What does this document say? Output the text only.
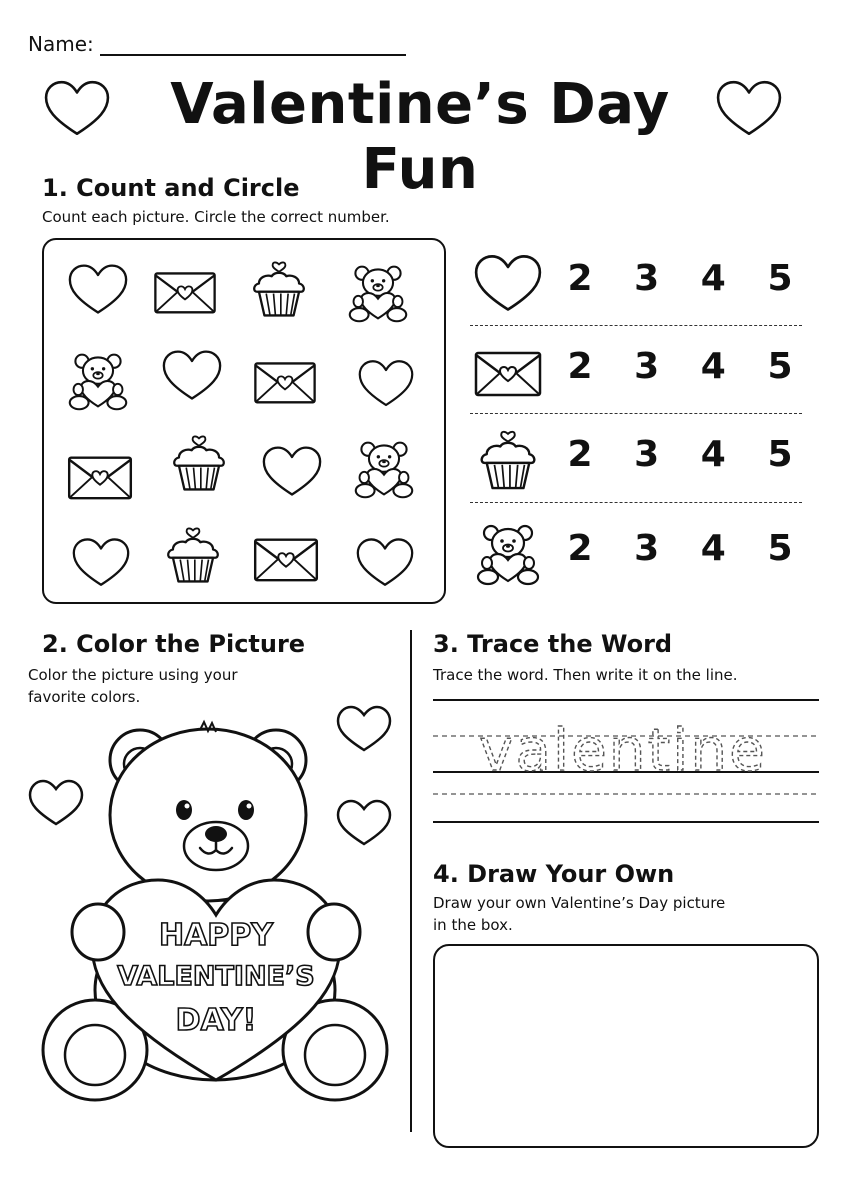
Name:
Valentine’s Day Fun
1. Count and Circle
Count each picture. Circle the correct number.
2 3 4 5
2 3 4 5
2 3 4 5
2 3 4 5
2. Color the Picture
Color the picture using your
favorite colors.
HAPPY
VALENTINE’S
DAY!
3. Trace the Word
Trace the word. Then write it on the line.
valentine
4. Draw Your Own
Draw your own Valentine’s Day picture
in the box.
